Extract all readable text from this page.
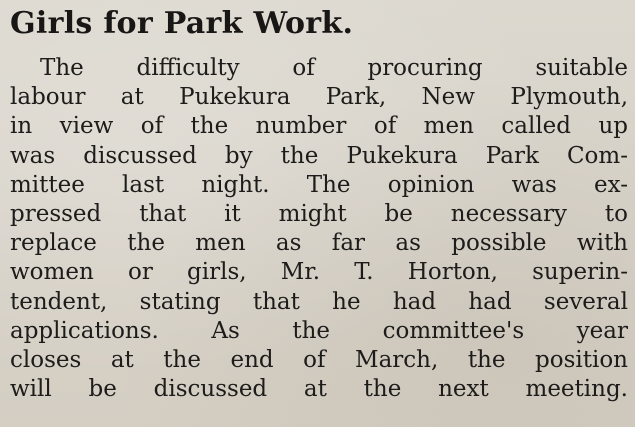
Girls for Park Work.
The difficulty of procuring suitable
labour at Pukekura Park, New Plymouth,
in view of the number of men called up
was discussed by the Pukekura Park Com-
mittee last night. The opinion was ex-
pressed that it might be necessary to
replace the men as far as possible with
women or girls, Mr. T. Horton, superin-
tendent, stating that he had had several
applications. As the committee's year
closes at the end of March, the position
will be discussed at the next meeting.
